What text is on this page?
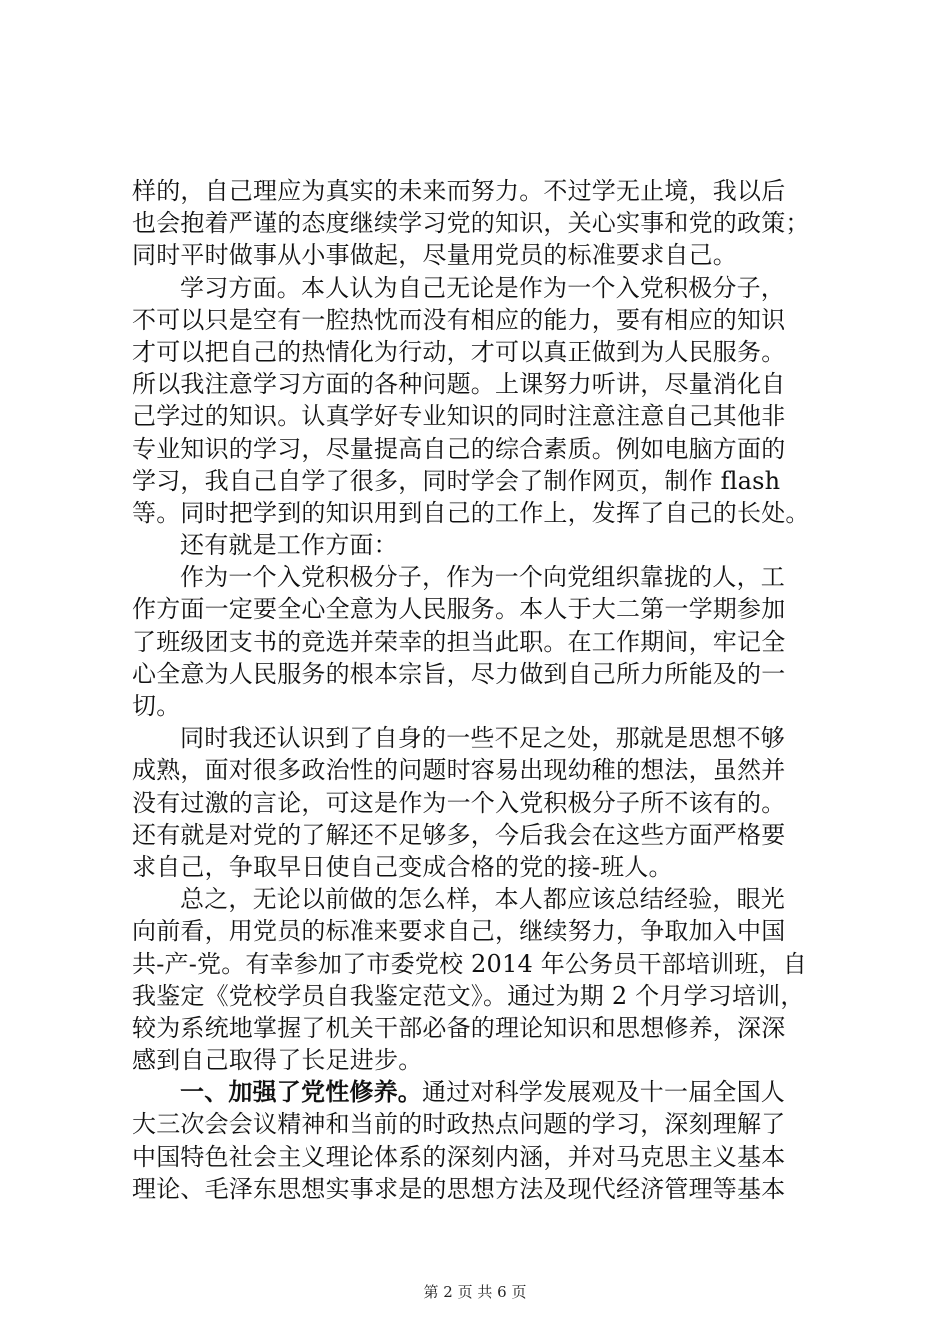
样的，自己理应为真实的未来而努力。不过学无止境，我以后
也会抱着严谨的态度继续学习党的知识，关心实事和党的政策；
同时平时做事从小事做起，尽量用党员的标准要求自己。
学习方面。本人认为自己无论是作为一个入党积极分子，
不可以只是空有一腔热忱而没有相应的能力，要有相应的知识
才可以把自己的热情化为行动，才可以真正做到为人民服务。
所以我注意学习方面的各种问题。上课努力听讲，尽量消化自
己学过的知识。认真学好专业知识的同时注意注意自己其他非
专业知识的学习，尽量提高自己的综合素质。例如电脑方面的
学习，我自己自学了很多，同时学会了制作网页，制作 flash
等。同时把学到的知识用到自己的工作上，发挥了自己的长处。
还有就是工作方面：
作为一个入党积极分子，作为一个向党组织靠拢的人，工
作方面一定要全心全意为人民服务。本人于大二第一学期参加
了班级团支书的竞选并荣幸的担当此职。在工作期间，牢记全
心全意为人民服务的根本宗旨，尽力做到自己所力所能及的一
切。
同时我还认识到了自身的一些不足之处，那就是思想不够
成熟，面对很多政治性的问题时容易出现幼稚的想法，虽然并
没有过激的言论，可这是作为一个入党积极分子所不该有的。
还有就是对党的了解还不足够多，今后我会在这些方面严格要
求自己，争取早日使自己变成合格的党的接-班人。
总之，无论以前做的怎么样，本人都应该总结经验，眼光
向前看，用党员的标准来要求自己，继续努力，争取加入中国
共-产-党。有幸参加了市委党校 2014 年公务员干部培训班，自
我鉴定《党校学员自我鉴定范文》。通过为期 2 个月学习培训，
较为系统地掌握了机关干部必备的理论知识和思想修养，深深
感到自己取得了长足进步。
一、加强了党性修养。通过对科学发展观及十一届全国人
大三次会会议精神和当前的时政热点问题的学习，深刻理解了
中国特色社会主义理论体系的深刻内涵，并对马克思主义基本
理论、毛泽东思想实事求是的思想方法及现代经济管理等基本
第 2 页 共 6 页
